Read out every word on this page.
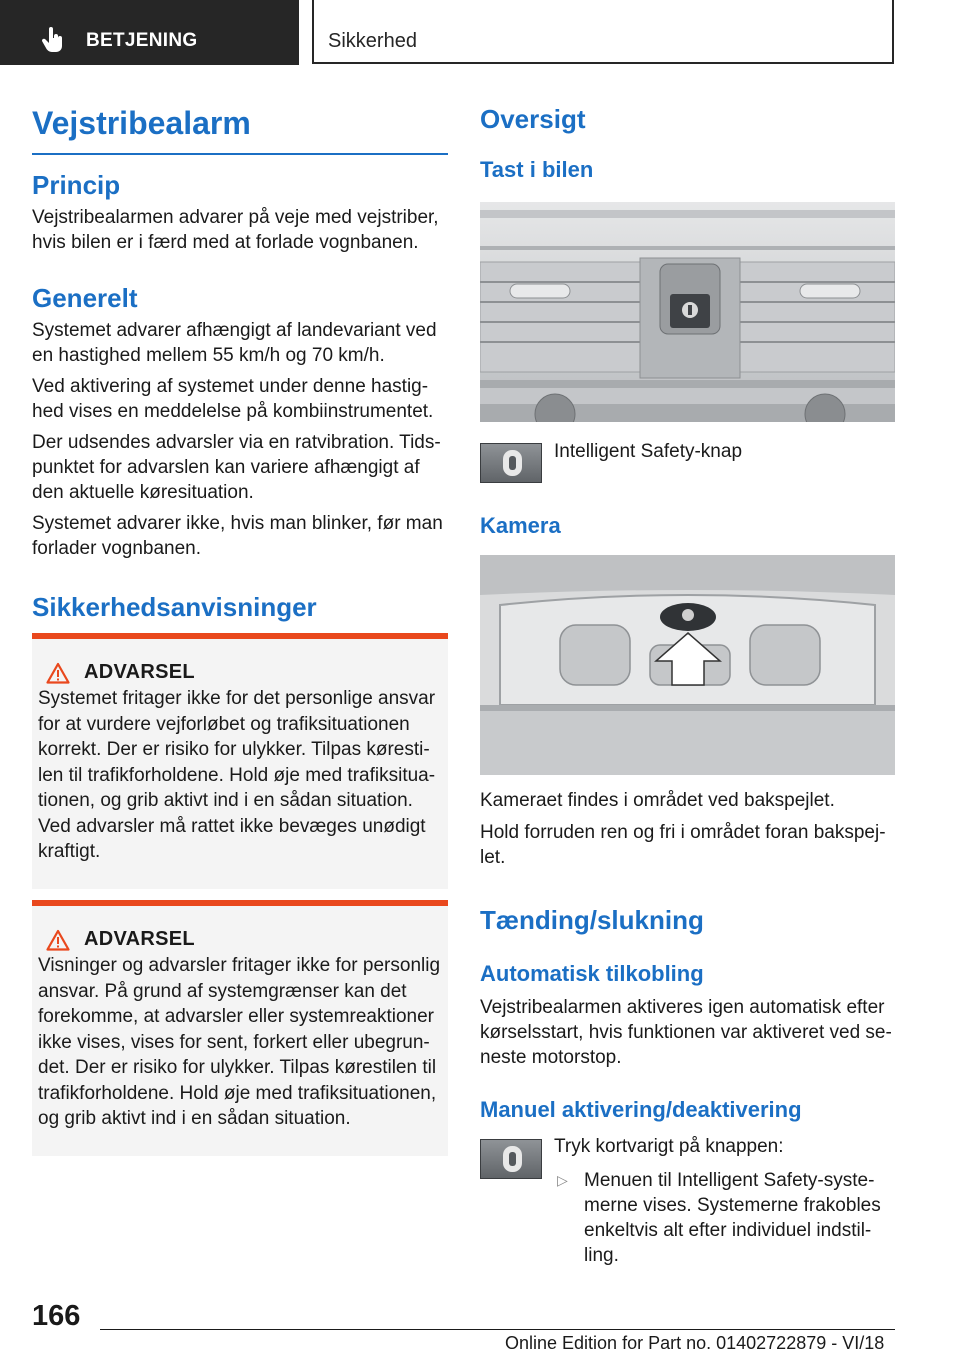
BETJENING	Sikkerhed
Vejstribealarm
Princip

Vejstribealarmen advarer på veje med vejstriber, hvis bilen er i færd med at forlade vognbanen.

Generelt

Systemet advarer afhængigt af landevariant ved en hastighed mellem 55 km/h og 70 km/h.

Ved aktivering af systemet under denne hastig‐hed vises en meddelelse på kombiinstrumentet.

Der udsendes advarsler via en ratvibration. Tids‐punktet for advarslen kan variere afhængigt af den aktuelle køresituation.

Systemet advarer ikke, hvis man blinker, før man forlader vognbanen.

Sikkerhedsanvisninger
ADVARSEL

Systemet fritager ikke for det personlige ansvar for at vurdere vejforløbet og trafiksituationen korrekt. Der er risiko for ulykker. Tilpas køresti‐len til trafikforholdene. Hold øje med trafiksitua‐tionen, og grib aktivt ind i en sådan situation. Ved advarsler må rattet ikke bevæges unødigt kraftigt.

ADVARSEL

Visninger og advarsler fritager ikke for personlig ansvar. På grund af systemgrænser kan det forekomme, at advarsler eller systemreaktioner ikke vises, vises for sent, forkert eller ubegrun‐det. Der er risiko for ulykker. Tilpas kørestilen til trafikforholdene. Hold øje med trafiksituationen, og grib aktivt ind i en sådan situation.

Oversigt
Tast i bilen

Intelligent Safety-knap

Kamera

Kameraet findes i området ved bakspejlet.

Hold forruden ren og fri i området foran bakspej‐let.

Tænding/slukning
Automatisk tilkobling

Vejstribealarmen aktiveres igen automatisk efter kørselsstart, hvis funktionen var aktiveret ved se‐neste motorstop.

Manuel aktivering/deaktivering

Tryk kortvarigt på knappen:

▷ Menuen til Intelligent Safety-syste‐merne vises. Systemerne frakobles enkeltvis alt efter individuel indstil‐ling.

166
Online Edition for Part no. 01402722879 - VI/18
